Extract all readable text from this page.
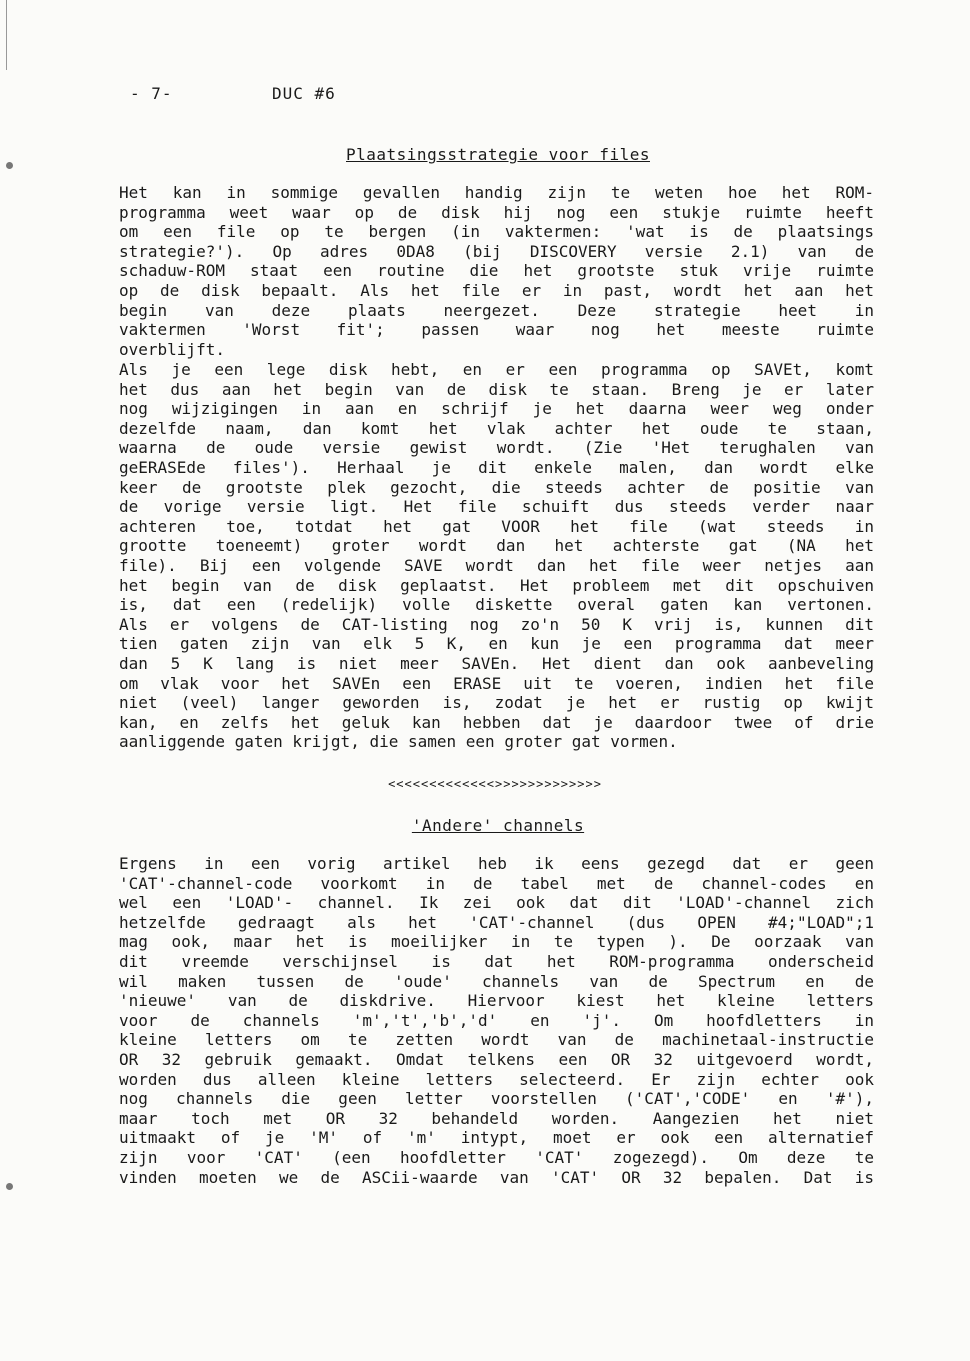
- 7-	DUC #6
Plaatsingsstrategie voor files
Het kan in sommige gevallen handig zijn te weten hoe het ROM-
programma weet waar op de disk hij nog een stukje ruimte heeft
om een file op te bergen (in vaktermen: 'wat is de plaatsings
strategie?'). Op adres 0DA8 (bij DISCOVERY versie 2.1) van de
schaduw-ROM staat een routine die het grootste stuk vrije ruimte
op de disk bepaalt. Als het file er in past, wordt het aan het
begin van deze plaats neergezet. Deze strategie heet in
vaktermen 'Worst fit'; passen waar nog het meeste ruimte
overblijft.
Als je een lege disk hebt, en er een programma op SAVEt, komt
het dus aan het begin van de disk te staan. Breng je er later
nog wijzigingen in aan en schrijf je het daarna weer weg onder
dezelfde naam, dan komt het vlak achter het oude te staan,
waarna de oude versie gewist wordt. (Zie 'Het terughalen van
geERASEde files'). Herhaal je dit enkele malen, dan wordt elke
keer de grootste plek gezocht, die steeds achter de positie van
de vorige versie ligt. Het file schuift dus steeds verder naar
achteren toe, totdat het gat VOOR het file (wat steeds in
grootte toeneemt) groter wordt dan het achterste gat (NA het
file). Bij een volgende SAVE wordt dan het file weer netjes aan
het begin van de disk geplaatst. Het probleem met dit opschuiven
is, dat een (redelijk) volle diskette overal gaten kan vertonen.
Als er volgens de CAT-listing nog zo'n 50 K vrij is, kunnen dit
tien gaten zijn van elk 5 K, en kun je een programma dat meer
dan 5 K lang is niet meer SAVEn. Het dient dan ook aanbeveling
om vlak voor het SAVEn een ERASE uit te voeren, indien het file
niet (veel) langer geworden is, zodat je het er rustig op kwijt
kan, en zelfs het geluk kan hebben dat je daardoor twee of drie
aanliggende gaten krijgt, die samen een groter gat vormen.
<<<<<<<<<<<<<>>>>>>>>>>>>>
'Andere' channels
Ergens in een vorig artikel heb ik eens gezegd dat er geen
'CAT'-channel-code voorkomt in de tabel met de channel-codes en
wel een 'LOAD'- channel. Ik zei ook dat dit 'LOAD'-channel zich
hetzelfde gedraagt als het 'CAT'-channel (dus OPEN #4;"LOAD";1
mag ook, maar het is moeilijker in te typen ). De oorzaak van
dit vreemde verschijnsel is dat het ROM-programma onderscheid
wil maken tussen de 'oude' channels van de Spectrum en de
'nieuwe' van de diskdrive. Hiervoor kiest het kleine letters
voor de channels 'm','t','b','d' en 'j'. Om hoofdletters in
kleine letters om te zetten wordt van de machinetaal-instructie
OR 32 gebruik gemaakt. Omdat telkens een OR 32 uitgevoerd wordt,
worden dus alleen kleine letters selecteerd. Er zijn echter ook
nog channels die geen letter voorstellen ('CAT','CODE' en '#'),
maar toch met OR 32 behandeld worden. Aangezien het niet
uitmaakt of je 'M' of 'm' intypt, moet er ook een alternatief
zijn voor 'CAT' (een hoofdletter 'CAT' zogezegd). Om deze te
vinden moeten we de ASCii-waarde van 'CAT' OR 32 bepalen. Dat is
